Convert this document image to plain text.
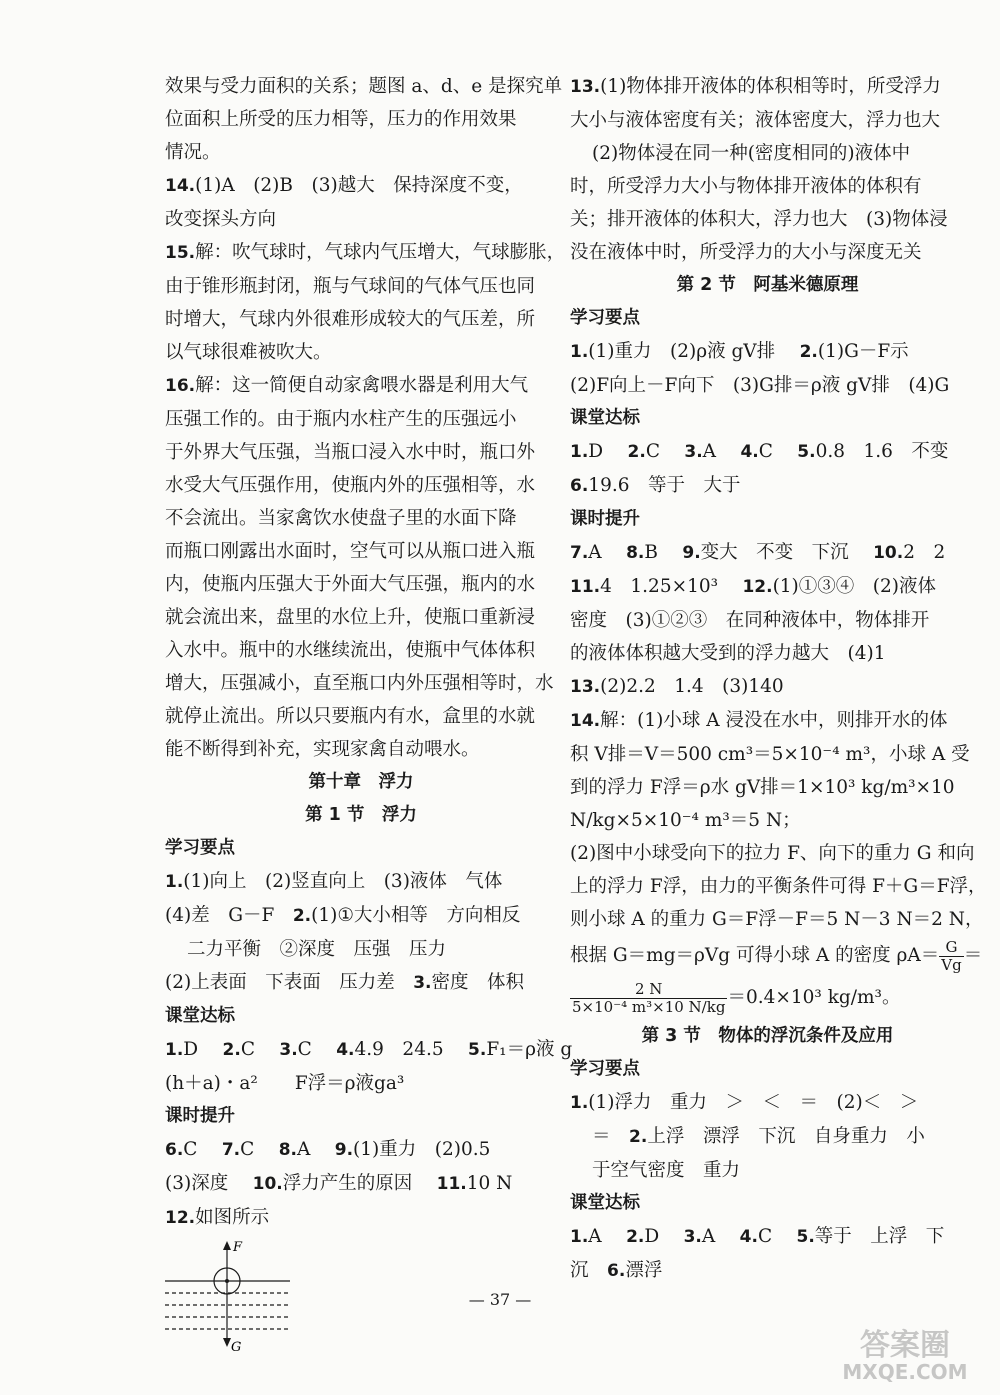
效果与受力面积的关系；题图 a、d、e 是探究单

位面积上所受的压力相等，压力的作用效果

情况。

14.(1)A　(2)B　(3)越大　保持深度不变，

改变探头方向

15.解：吹气球时，气球内气压增大，气球膨胀，

由于锥形瓶封闭，瓶与气球间的气体气压也同

时增大，气球内外很难形成较大的气压差，所

以气球很难被吹大。

16.解：这一简便自动家禽喂水器是利用大气

压强工作的。由于瓶内水柱产生的压强远小

于外界大气压强，当瓶口浸入水中时，瓶口外

水受大气压强作用，使瓶内外的压强相等，水

不会流出。当家禽饮水使盘子里的水面下降

而瓶口刚露出水面时，空气可以从瓶口进入瓶

内，使瓶内压强大于外面大气压强，瓶内的水

就会流出来，盘里的水位上升，使瓶口重新浸

入水中。瓶中的水继续流出，使瓶中气体体积

增大，压强减小，直至瓶口内外压强相等时，水

就停止流出。所以只要瓶内有水，盒里的水就

能不断得到补充，实现家禽自动喂水。

第十章　浮力

第 1 节　浮力

学习要点

1.(1)向上　(2)竖直向上　(3)液体　气体

(4)差　G－F　2.(1)①大小相等　方向相反

二力平衡　②深度　压强　压力

(2)上表面　下表面　压力差　3.密度　体积

课堂达标

1.D　 2.C　 3.C　 4.4.9　24.5　 5.F₁＝ρ液 g

(h＋a)・a²　　F浮＝ρ液ga³

课时提升

6.C　 7.C　 8.A　 9.(1)重力　(2)0.5

(3)深度　 10.浮力产生的原因　 11.10 N

12.如图所示

F
G

13.(1)物体排开液体的体积相等时，所受浮力

大小与液体密度有关；液体密度大，浮力也大

(2)物体浸在同一种(密度相同的)液体中

时，所受浮力大小与物体排开液体的体积有

关；排开液体的体积大，浮力也大　(3)物体浸

没在液体中时，所受浮力的大小与深度无关

第 2 节　阿基米德原理

学习要点

1.(1)重力　(2)ρ液 gV排　 2.(1)G－F示

(2)F向上－F向下　(3)G排＝ρ液 gV排　(4)G

课堂达标

1.D　 2.C　 3.A　 4.C　 5.0.8　1.6　不变

6.19.6　等于　大于

课时提升

7.A　 8.B　 9.变大　不变　下沉　 10.2　2

11.4　1.25×10³　 12.(1)①③④　(2)液体

密度　(3)①②③　在同种液体中，物体排开

的液体体积越大受到的浮力越大　(4)1

13.(2)2.2　1.4　(3)140

14.解：(1)小球 A 浸没在水中，则排开水的体

积 V排＝V＝500 cm³＝5×10⁻⁴ m³，小球 A 受

到的浮力 F浮＝ρ水 gV排＝1×10³ kg/m³×10

N/kg×5×10⁻⁴ m³＝5 N；

(2)图中小球受向下的拉力 F、向下的重力 G 和向

上的浮力 F浮，由力的平衡条件可得 F＋G＝F浮，

则小球 A 的重力 G＝F浮－F＝5 N－3 N＝2 N，

根据 G＝mg＝ρVg 可得小球 A 的密度 $\rho A= \frac{G}{Vg}$ ＝

$\frac{2 N}{\text{5×10⁻⁴ m³×10 N/kg}} =0.4\times 10^3$ kg/m³。

第 3 节　物体的浮沉条件及应用

学习要点

1.(1)浮力　重力　＞　＜　＝　(2)＜　＞

＝　2.上浮　漂浮　下沉　自身重力　小

于空气密度　重力

课堂达标

1.A　 2.D　 3.A　 4.C　 5.等于　上浮　下

沉　6.漂浮

— 37 —
答案圈
MXQE.COM
